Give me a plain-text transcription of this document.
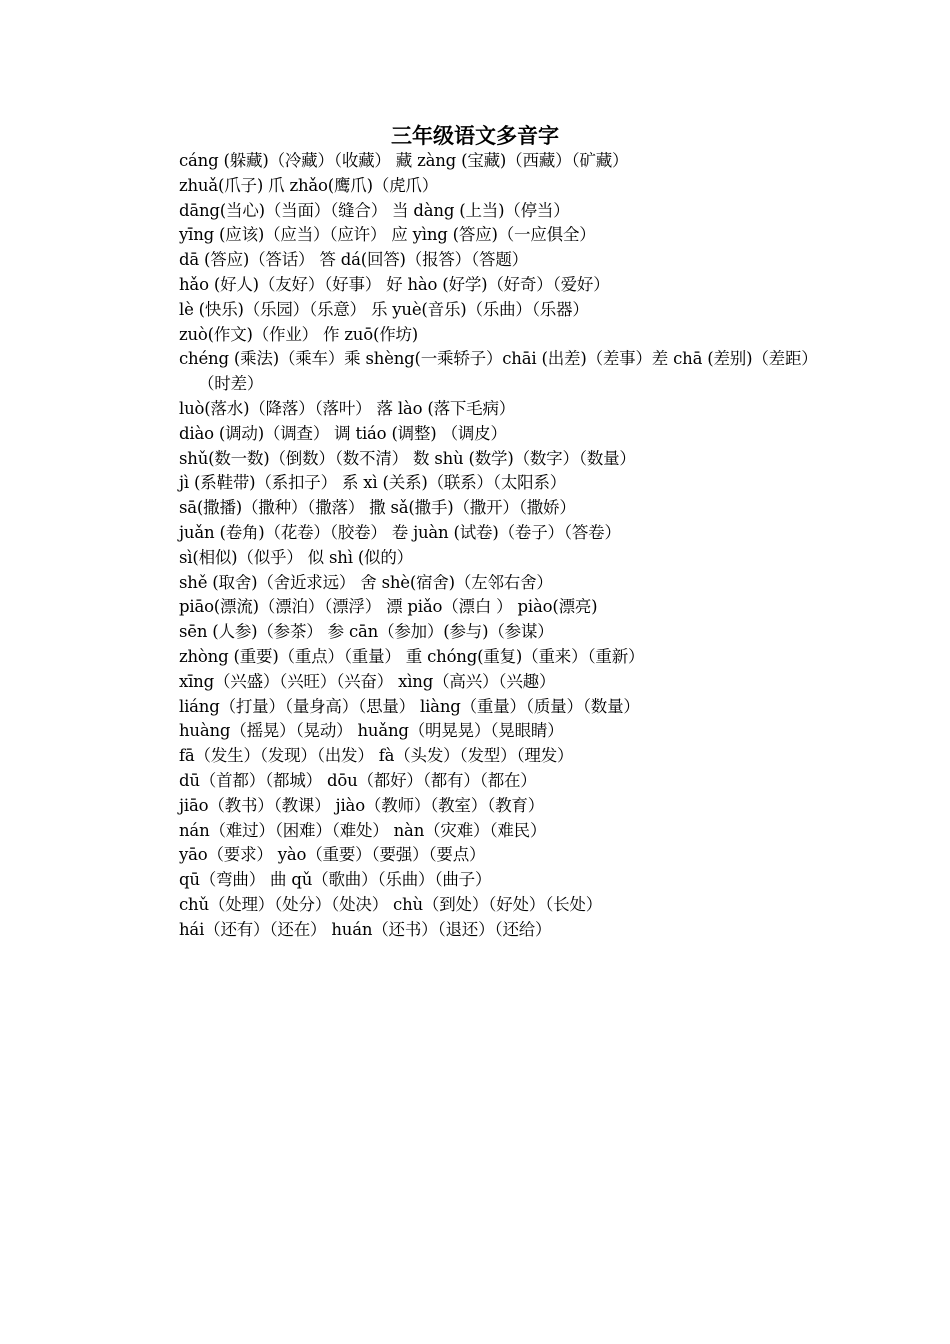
三年级语文多音字
cáng (躲藏)（冷藏）（收藏） 藏 zàng (宝藏)（西藏）（矿藏）
zhuǎ(爪子) 爪 zhǎo(鹰爪)（虎爪）
dāng(当心)（当面）（缝合） 当 dàng (上当)（停当）
yīng (应该)（应当）（应许） 应 yìng (答应)（一应俱全）
dā (答应)（答话） 答 dá(回答)（报答）（答题）
hǎo (好人)（友好）（好事） 好 hào (好学)（好奇）（爱好）
lè (快乐)（乐园）（乐意） 乐 yuè(音乐)（乐曲）（乐器）
zuò(作文)（作业） 作 zuō(作坊)
chéng (乘法)（乘车）乘 shèng(一乘轿子）chāi (出差)（差事）差 chā (差别)（差距）（时差）
luò(落水)（降落）（落叶） 落 lào (落下毛病）
diào (调动)（调查） 调 tiáo (调整) （调皮）
shǔ(数一数)（倒数）（数不清） 数 shù (数学)（数字）（数量）
jì (系鞋带)（系扣子） 系 xì (关系)（联系）（太阳系）
sā(撒播)（撒种）（撒落） 撒 sǎ(撒手)（撒开）（撒娇）
juǎn (卷角)（花卷）（胶卷） 卷 juàn (试卷)（卷子）（答卷）
sì(相似)（似乎） 似 shì (似的）
shě (取舍)（舍近求远） 舍 shè(宿舍)（左邻右舍）
piāo(漂流)（漂泊）（漂浮） 漂 piǎo（漂白 ） piào(漂亮)
sēn (人参)（参茶） 参 cān（参加）(参与)（参谋）
zhòng (重要)（重点）（重量） 重 chóng(重复)（重来）（重新）
xīng（兴盛）（兴旺）（兴奋） xìng（高兴）（兴趣）
liáng（打量）（量身高）（思量） liàng（重量）（质量）（数量）
huàng（摇晃）（晃动） huǎng（明晃晃）（晃眼睛）
fā（发生）（发现）（出发） fà（头发）（发型）（理发）
dū（首都）（都城） dōu（都好）（都有）（都在）
jiāo（教书）（教课） jiào（教师）（教室）（教育）
nán（难过）（困难）（难处） nàn（灾难）（难民）
yāo（要求） yào（重要）（要强）（要点）
qū（弯曲） 曲 qǔ（歌曲）（乐曲）（曲子）
chǔ（处理）（处分）（处决） chù（到处）（好处）（长处）
hái（还有）（还在） huán（还书）（退还）（还给）
